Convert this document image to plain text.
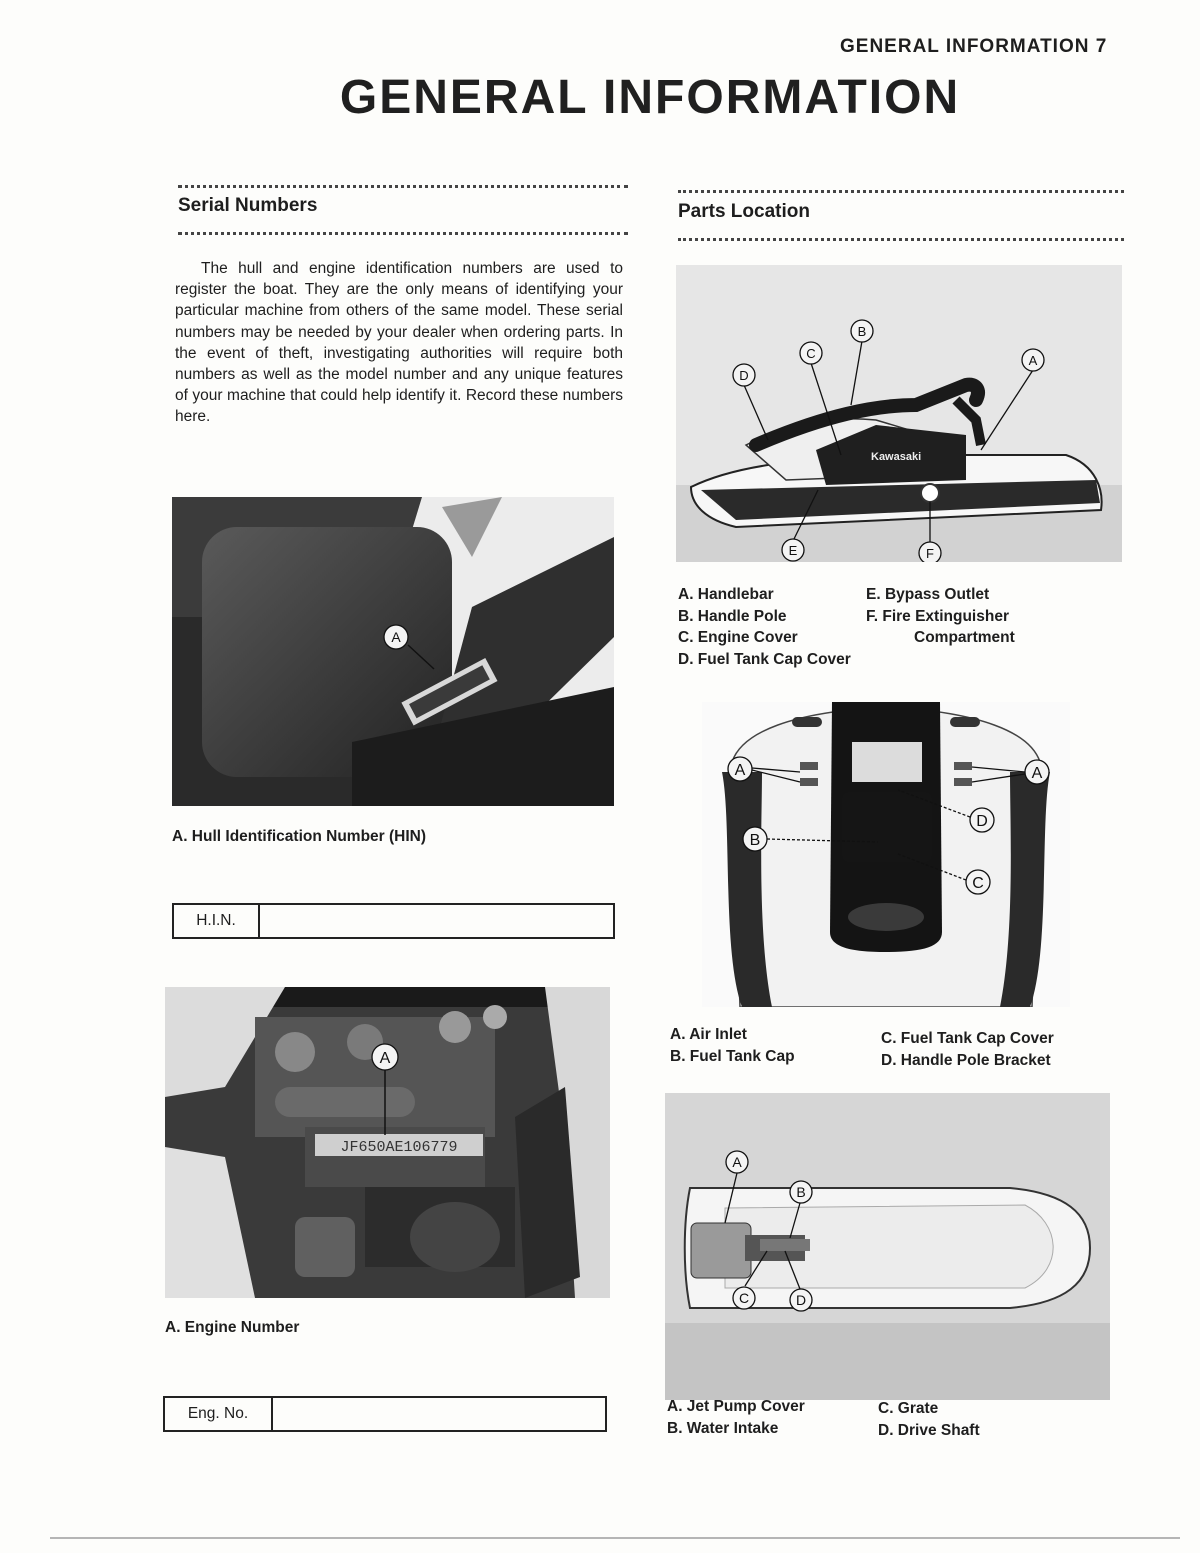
GENERAL INFORMATION 7
GENERAL INFORMATION
Serial Numbers
The hull and engine identification numbers are used to register the boat. They are the only means of identifying your particular machine from others of the same model. These serial numbers may be needed by your dealer when ordering parts. In the event of theft, investigating authorities will require both numbers as well as the model number and any unique features of your machine that could help identify it. Record these numbers here.
A
A. Hull Identification Number (HIN)
H.I.N.
JF650AE106779
A
A. Engine Number
Eng. No.
Parts Location
Kawasaki
A
B
C
D
E	F
A. Handlebar
B. Handle Pole
C. Engine Cover
D. Fuel Tank Cap Cover
E. Bypass Outlet
F. Fire Extinguisher
Compartment
A	A
B
C
D
A. Air Inlet
B. Fuel Tank Cap
C. Fuel Tank Cap Cover
D. Handle Pole Bracket
A
B
C	D
A. Jet Pump Cover
B. Water Intake
C. Grate
D. Drive Shaft
